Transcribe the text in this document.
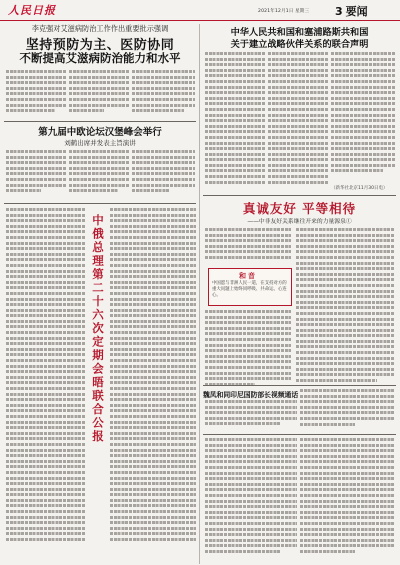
人民日报	2021年12月1日 星期三 3 要闻
李克强对艾滋病防治工作作出重要批示强调
坚持预防为主、医防协同
不断提高艾滋病防治能力和水平
第九届中欧论坛汉堡峰会举行
刘鹤出席并发表主旨演讲
中俄总理第二十六次定期会晤联合公报
中华人民共和国和塞浦路斯共和国
关于建立战略伙伴关系的联合声明
（新华社北京11月30日电）
真诚友好 平等相待
——中非友好关系继往开来的力量源泉①
和音
中国愿与非洲人民一道，在支持对方的重大问题上始终同呼吸、共命运、心连心。
魏凤和同印尼国防部长视频通话
